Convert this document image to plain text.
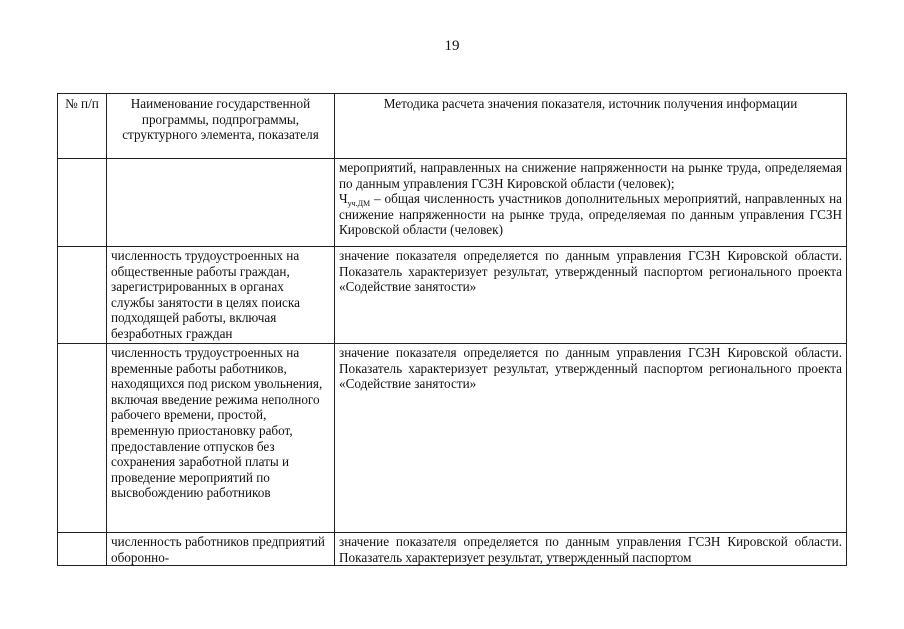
19
№ п/п	Наименование государственной программы, подпрограммы, структурного элемента, показателя	Методика расчета значения показателя, источник получения информации
		мероприятий, направленных на снижение напряженности на рынке труда, определяемая по данным управления ГСЗН Кировской области (человек);
$Ч_{уч.ДМ}$ – общая численность участников дополнительных мероприятий, направленных на снижение напряженности на рынке труда, определяемая по данным управления ГСЗН Кировской области (человек)
	численность трудоустроенных на общественные работы граждан, зарегистрированных в органах службы занятости в целях поиска подходящей работы, включая безработных граждан	значение показателя определяется по данным управления ГСЗН Кировской области. Показатель характеризует результат, утвержденный паспортом регионального проекта «Содействие занятости»
	численность трудоустроенных на временные работы работников, находящихся под риском увольнения, включая введение режима неполного рабочего времени, простой, временную приостановку работ, предоставление отпусков без сохранения заработной платы и проведение мероприятий по высвобождению работников	значение показателя определяется по данным управления ГСЗН Кировской области. Показатель характеризует результат, утвержденный паспортом регионального проекта «Содействие занятости»
	численность работников предприятий оборонно-	значение показателя определяется по данным управления ГСЗН Кировской области. Показатель характеризует результат, утвержденный паспортом
